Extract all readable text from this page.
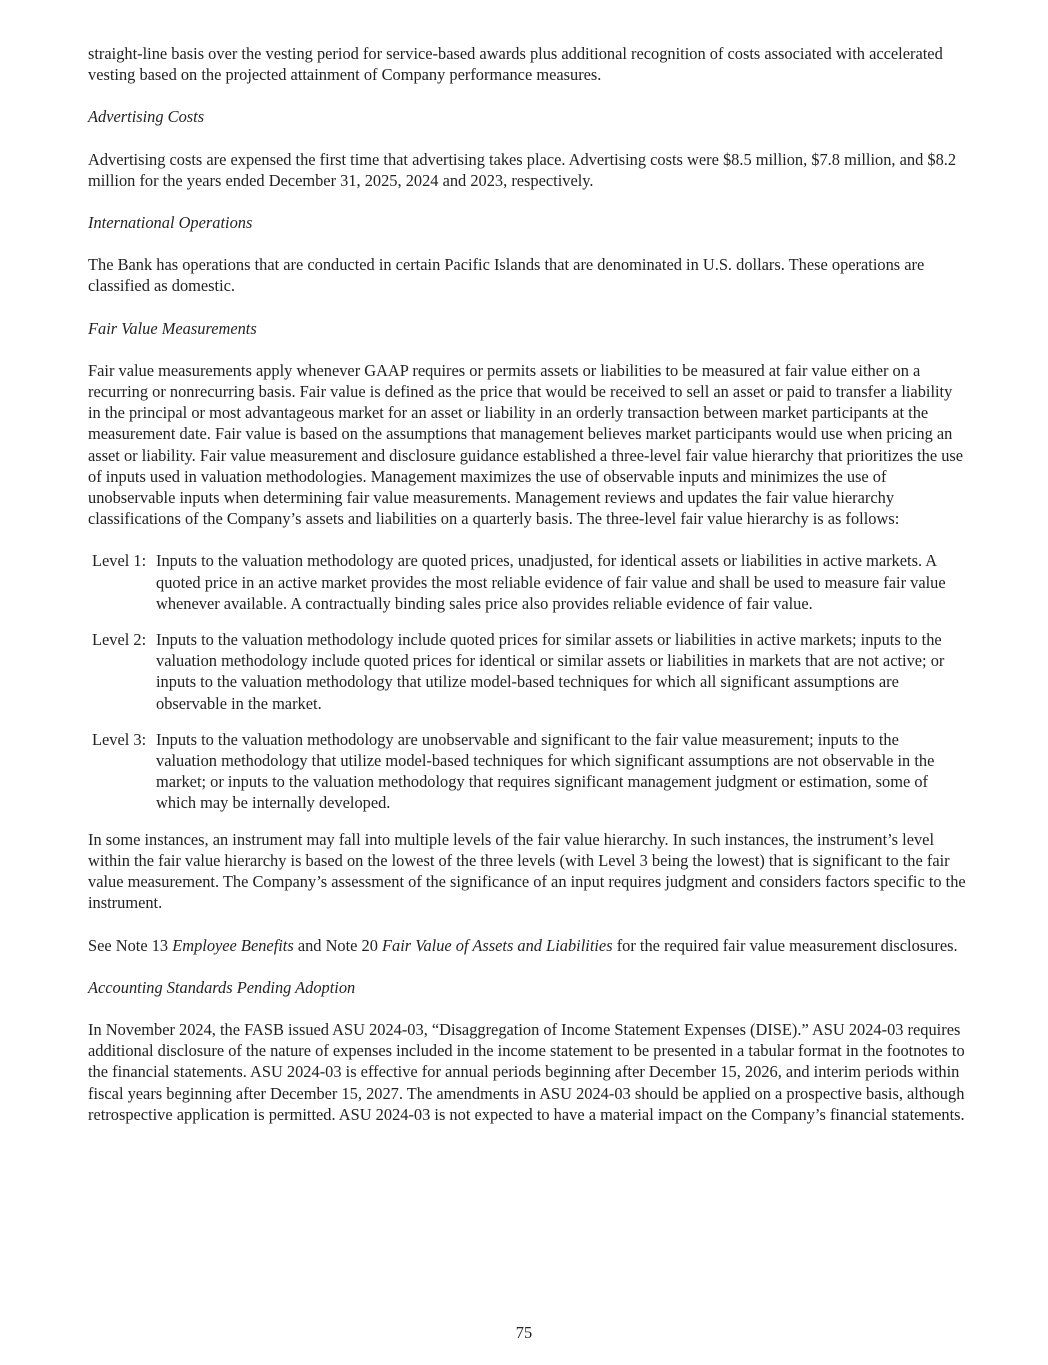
straight-line basis over the vesting period for service-based awards plus additional recognition of costs associated with accelerated vesting based on the projected attainment of Company performance measures.

Advertising Costs

Advertising costs are expensed the first time that advertising takes place. Advertising costs were $8.5 million, $7.8 million, and $8.2 million for the years ended December 31, 2025, 2024 and 2023, respectively.

International Operations

The Bank has operations that are conducted in certain Pacific Islands that are denominated in U.S. dollars. These operations are classified as domestic.

Fair Value Measurements

Fair value measurements apply whenever GAAP requires or permits assets or liabilities to be measured at fair value either on a recurring or nonrecurring basis. Fair value is defined as the price that would be received to sell an asset or paid to transfer a liability in the principal or most advantageous market for an asset or liability in an orderly transaction between market participants at the measurement date. Fair value is based on the assumptions that management believes market participants would use when pricing an asset or liability. Fair value measurement and disclosure guidance established a three-level fair value hierarchy that prioritizes the use of inputs used in valuation methodologies. Management maximizes the use of observable inputs and minimizes the use of unobservable inputs when determining fair value measurements. Management reviews and updates the fair value hierarchy classifications of the Company’s assets and liabilities on a quarterly basis. The three-level fair value hierarchy is as follows:

Level 1: Inputs to the valuation methodology are quoted prices, unadjusted, for identical assets or liabilities in active markets. A quoted price in an active market provides the most reliable evidence of fair value and shall be used to measure fair value whenever available. A contractually binding sales price also provides reliable evidence of fair value.
Level 2: Inputs to the valuation methodology include quoted prices for similar assets or liabilities in active markets; inputs to the valuation methodology include quoted prices for identical or similar assets or liabilities in markets that are not active; or inputs to the valuation methodology that utilize model-based techniques for which all significant assumptions are observable in the market.
Level 3: Inputs to the valuation methodology are unobservable and significant to the fair value measurement; inputs to the valuation methodology that utilize model-based techniques for which significant assumptions are not observable in the market; or inputs to the valuation methodology that requires significant management judgment or estimation, some of which may be internally developed.

In some instances, an instrument may fall into multiple levels of the fair value hierarchy. In such instances, the instrument’s level within the fair value hierarchy is based on the lowest of the three levels (with Level 3 being the lowest) that is significant to the fair value measurement. The Company’s assessment of the significance of an input requires judgment and considers factors specific to the instrument.

See Note 13 Employee Benefits and Note 20 Fair Value of Assets and Liabilities for the required fair value measurement disclosures.

Accounting Standards Pending Adoption

In November 2024, the FASB issued ASU 2024-03, “Disaggregation of Income Statement Expenses (DISE).” ASU 2024-03 requires additional disclosure of the nature of expenses included in the income statement to be presented in a tabular format in the footnotes to the financial statements. ASU 2024-03 is effective for annual periods beginning after December 15, 2026, and interim periods within fiscal years beginning after December 15, 2027. The amendments in ASU 2024-03 should be applied on a prospective basis, although retrospective application is permitted. ASU 2024-03 is not expected to have a material impact on the Company’s financial statements.

75
